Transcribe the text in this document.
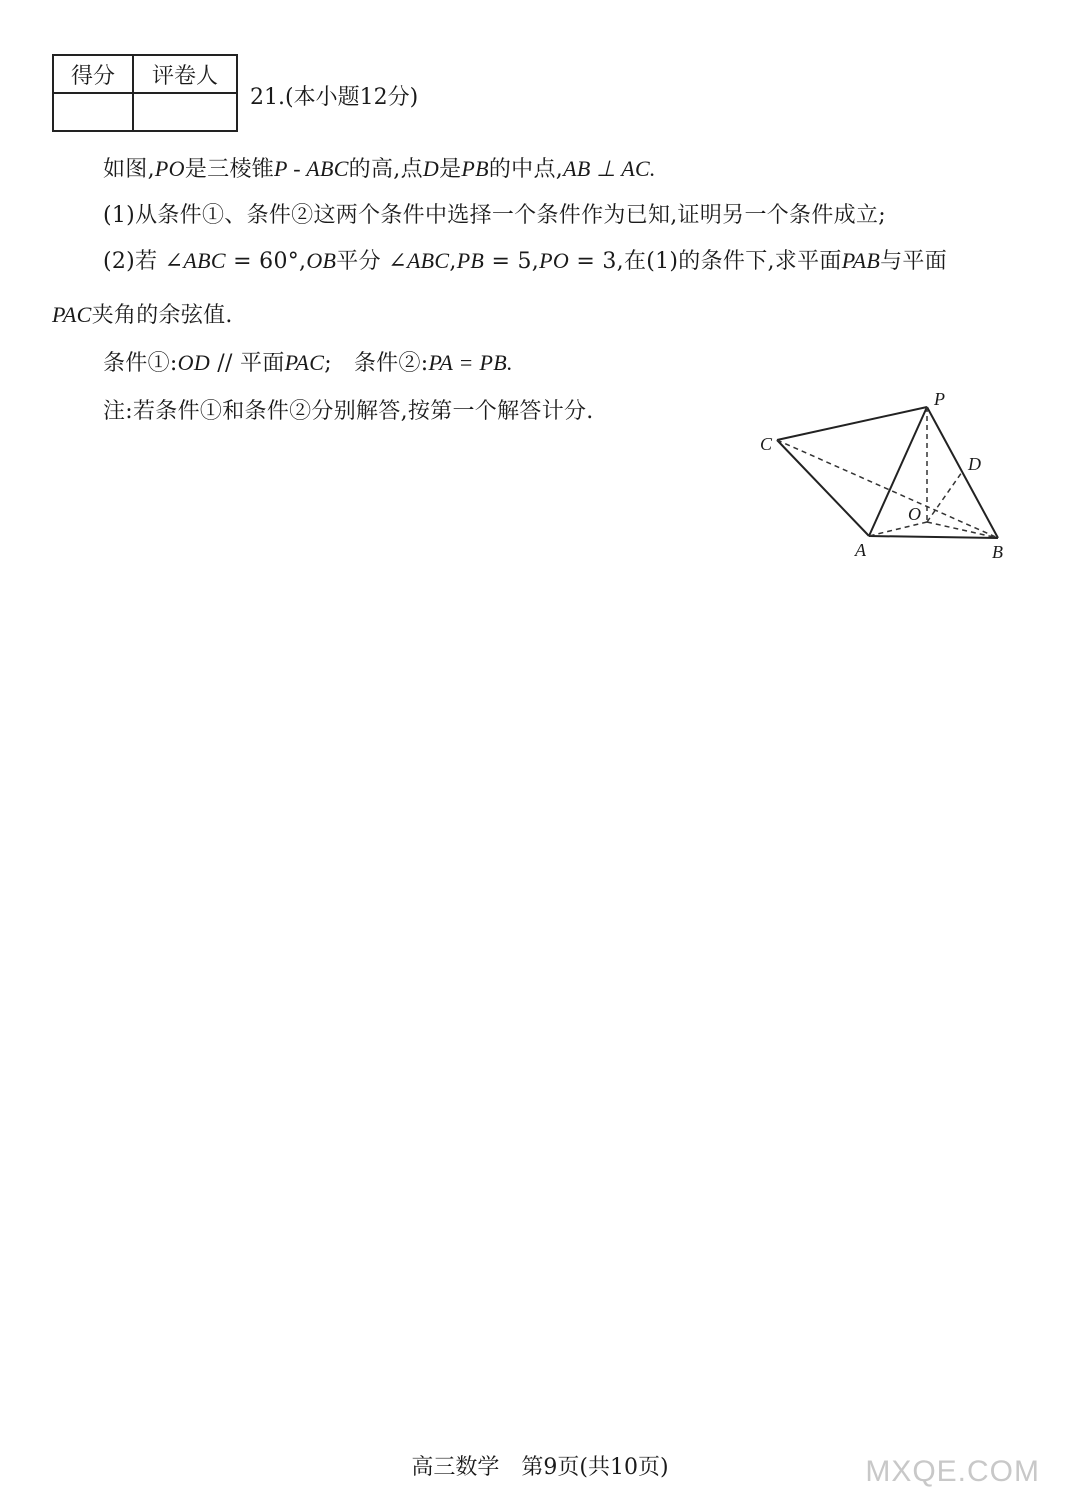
得分	评卷人

21.(本小题12分)
如图,PO是三棱锥P - ABC的高,点D是PB的中点,AB ⊥ AC.
(1)从条件①、条件②这两个条件中选择一个条件作为已知,证明另一个条件成立;
(2)若 ∠ABC = 60°,OB平分 ∠ABC,PB = 5,PO = 3,在(1)的条件下,求平面PAB与平面
PAC夹角的余弦值.
条件①:OD // 平面PAC;   条件②:PA = PB.
注:若条件①和条件②分别解答,按第一个解答计分.	P
C
D
O
A	B
高三数学　第9页(共10页)	MXQE.COM
